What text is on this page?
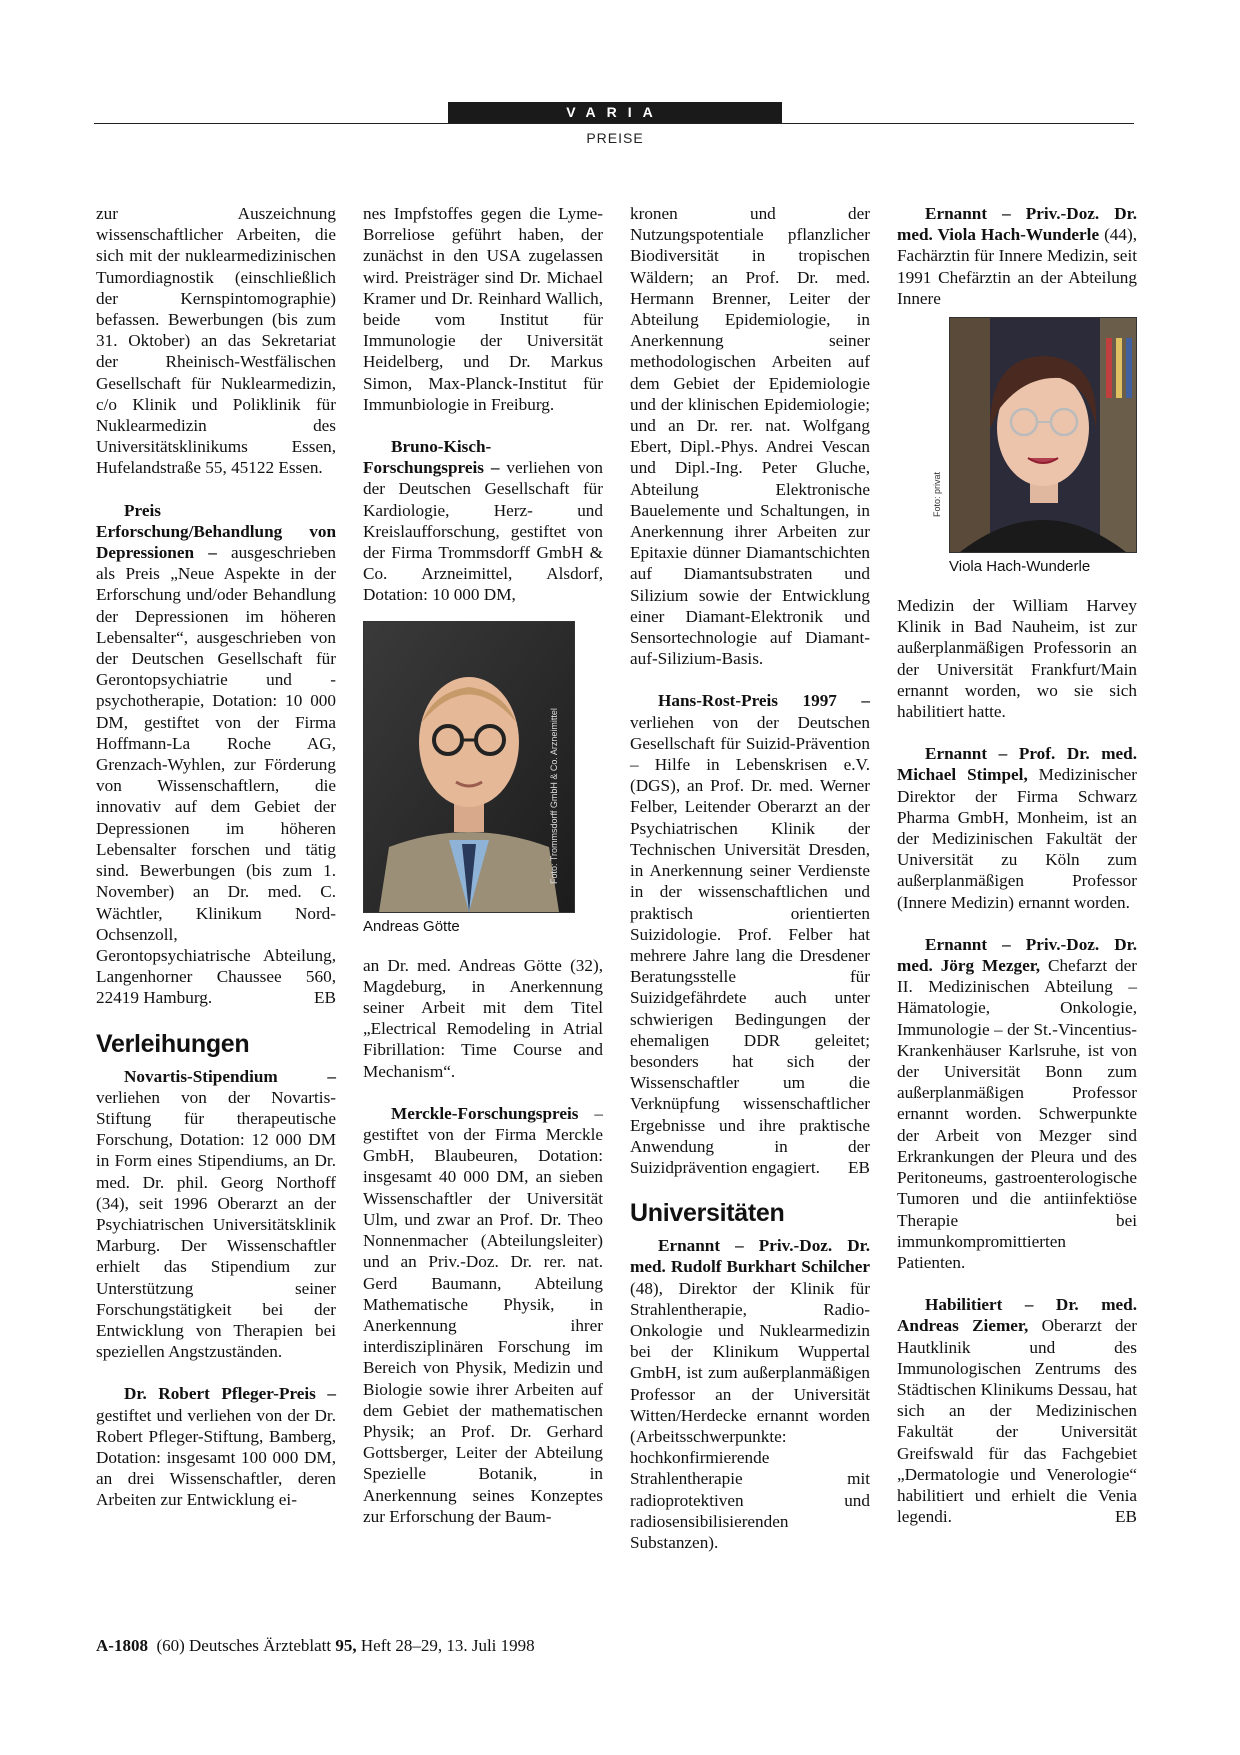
VARIA
PREISE

zur Auszeichnung wissenschaftlicher Arbeiten, die sich mit der nuklearmedizinischen Tumordiagnostik (einschließlich der Kernspintomographie) befassen. Bewerbungen (bis zum 31. Oktober) an das Sekretariat der Rheinisch-Westfälischen Gesellschaft für Nuklearmedizin, c/o Klinik und Poliklinik für Nuklearmedizin des Universitätsklinikums Essen, Hufelandstraße 55, 45122 Essen.

Preis Erforschung/Behandlung von Depressionen – ausgeschrieben als Preis „Neue Aspekte in der Erforschung und/oder Behandlung der Depressionen im höheren Lebensalter“, ausgeschrieben von der Deutschen Gesellschaft für Gerontopsychiatrie und -psychotherapie, Dotation: 10 000 DM, gestiftet von der Firma Hoffmann-La Roche AG, Grenzach-Wyhlen, zur Förderung von Wissenschaftlern, die innovativ auf dem Gebiet der Depressionen im höheren Lebensalter forschen und tätig sind. Bewerbungen (bis zum 1. November) an Dr. med. C. Wächtler, Klinikum Nord-Ochsenzoll, Gerontopsychiatrische Abteilung, Langenhorner Chaussee 560, 22419 Hamburg.	EB

Verleihungen

Novartis-Stipendium – verliehen von der Novartis-Stiftung für therapeutische Forschung, Dotation: 12 000 DM in Form eines Stipendiums, an Dr. med. Dr. phil. Georg Northoff (34), seit 1996 Oberarzt an der Psychiatrischen Universitätsklinik Marburg. Der Wissenschaftler erhielt das Stipendium zur Unterstützung seiner Forschungstätigkeit bei der Entwicklung von Therapien bei speziellen Angstzuständen.

Dr. Robert Pfleger-Preis – gestiftet und verliehen von der Dr. Robert Pfleger-Stiftung, Bamberg, Dotation: insgesamt 100 000 DM, an drei Wissenschaftler, deren Arbeiten zur Entwicklung ei-

nes Impfstoffes gegen die Lyme-Borreliose geführt haben, der zunächst in den USA zugelassen wird. Preisträger sind Dr. Michael Kramer und Dr. Reinhard Wallich, beide vom Institut für Immunologie der Universität Heidelberg, und Dr. Markus Simon, Max-Planck-Institut für Immunbiologie in Freiburg.

Bruno-Kisch-Forschungspreis – verliehen von der Deutschen Gesellschaft für Kardiologie, Herz- und Kreislaufforschung, gestiftet von der Firma Trommsdorff GmbH & Co. Arzneimittel, Alsdorf, Dotation: 10 000 DM,

Foto: Trommsdorff GmbH & Co. Arzneimittel
Andreas Götte

an Dr. med. Andreas Götte (32), Magdeburg, in Anerkennung seiner Arbeit mit dem Titel „Electrical Remodeling in Atrial Fibrillation: Time Course and Mechanism“.

Merckle-Forschungspreis – gestiftet von der Firma Merckle GmbH, Blaubeuren, Dotation: insgesamt 40 000 DM, an sieben Wissenschaftler der Universität Ulm, und zwar an Prof. Dr. Theo Nonnenmacher (Abteilungsleiter) und an Priv.-Doz. Dr. rer. nat. Gerd Baumann, Abteilung Mathematische Physik, in Anerkennung ihrer interdisziplinären Forschung im Bereich von Physik, Medizin und Biologie sowie ihrer Arbeiten auf dem Gebiet der mathematischen Physik; an Prof. Dr. Gerhard Gottsberger, Leiter der Abteilung Spezielle Botanik, in Anerkennung seines Konzeptes zur Erforschung der Baum-

kronen und der Nutzungspotentiale pflanzlicher Biodiversität in tropischen Wäldern; an Prof. Dr. med. Hermann Brenner, Leiter der Abteilung Epidemiologie, in Anerkennung seiner methodologischen Arbeiten auf dem Gebiet der Epidemiologie und der klinischen Epidemiologie; und an Dr. rer. nat. Wolfgang Ebert, Dipl.-Phys. Andrei Vescan und Dipl.-Ing. Peter Gluche, Abteilung Elektronische Bauelemente und Schaltungen, in Anerkennung ihrer Arbeiten zur Epitaxie dünner Diamantschichten auf Diamantsubstraten und Silizium sowie der Entwicklung einer Diamant-Elektronik und Sensortechnologie auf Diamant-auf-Silizium-Basis.

Hans-Rost-Preis 1997 – verliehen von der Deutschen Gesellschaft für Suizid-Prävention – Hilfe in Lebenskrisen e.V. (DGS), an Prof. Dr. med. Werner Felber, Leitender Oberarzt an der Psychiatrischen Klinik der Technischen Universität Dresden, in Anerkennung seiner Verdienste in der wissenschaftlichen und praktisch orientierten Suizidologie. Prof. Felber hat mehrere Jahre lang die Dresdener Beratungsstelle für Suizidgefährdete auch unter schwierigen Bedingungen der ehemaligen DDR geleitet; besonders hat sich der Wissenschaftler um die Verknüpfung wissenschaftlicher Ergebnisse und ihre praktische Anwendung in der Suizidprävention engagiert.	EB

Universitäten

Ernannt – Priv.-Doz. Dr. med. Rudolf Burkhart Schilcher (48), Direktor der Klinik für Strahlentherapie, Radio-Onkologie und Nuklearmedizin bei der Klinikum Wuppertal GmbH, ist zum außerplanmäßigen Professor an der Universität Witten/Herdecke ernannt worden (Arbeitsschwerpunkte: hochkonfirmierende Strahlentherapie mit radioprotektiven und radiosensibilisierenden Substanzen).

Ernannt – Priv.-Doz. Dr. med. Viola Hach-Wunderle (44), Fachärztin für Innere Medizin, seit 1991 Chefärztin an der Abteilung Innere

Foto: privat
Viola Hach-Wunderle

Medizin der William Harvey Klinik in Bad Nauheim, ist zur außerplanmäßigen Professorin an der Universität Frankfurt/Main ernannt worden, wo sie sich habilitiert hatte.

Ernannt – Prof. Dr. med. Michael Stimpel, Medizinischer Direktor der Firma Schwarz Pharma GmbH, Monheim, ist an der Medizinischen Fakultät der Universität zu Köln zum außerplanmäßigen Professor (Innere Medizin) ernannt worden.

Ernannt – Priv.-Doz. Dr. med. Jörg Mezger, Chefarzt der II. Medizinischen Abteilung – Hämatologie, Onkologie, Immunologie – der St.-Vincentius-Krankenhäuser Karlsruhe, ist von der Universität Bonn zum außerplanmäßigen Professor ernannt worden. Schwerpunkte der Arbeit von Mezger sind Erkrankungen der Pleura und des Peritoneums, gastroenterologische Tumoren und die antiinfektiöse Therapie bei immunkompromittierten Patienten.

Habilitiert – Dr. med. Andreas Ziemer, Oberarzt der Hautklinik und des Immunologischen Zentrums des Städtischen Klinikums Dessau, hat sich an der Medizinischen Fakultät der Universität Greifswald für das Fachgebiet „Dermatologie und Venerologie“ habilitiert und erhielt die Venia legendi.	EB

A-1808 (60) Deutsches Ärzteblatt 95, Heft 28–29, 13. Juli 1998
